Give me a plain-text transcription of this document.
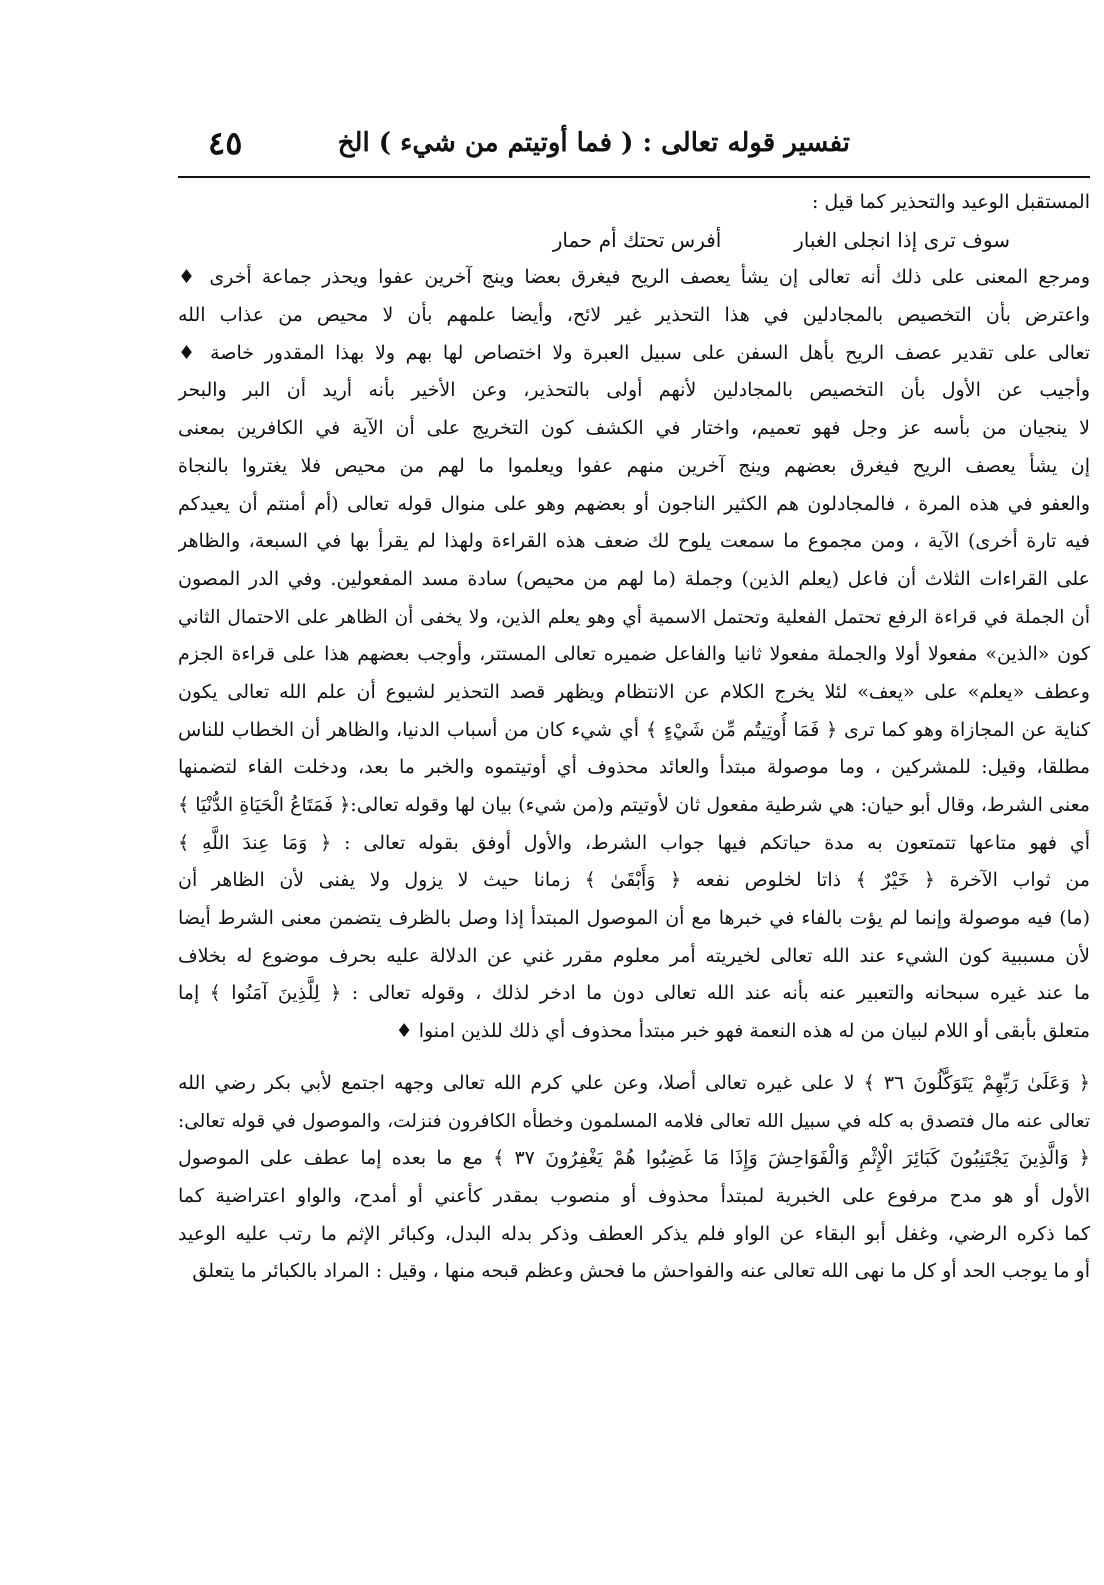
تفسير قوله تعالى : ( فما أوتيتم من شيء ) الخ
٤٥
المستقبل الوعيد والتحذير كما قيل :
سوف ترى إذا انجلى الغبار  أفرس تحتك أم حمار
ومرجع المعنى على ذلك أنه تعالى إن يشأ يعصف الريح فيغرق بعضا وينج آخرين عفوا ويحذر جماعة أخرى ♦
واعترض بأن التخصيص بالمجادلين في هذا التحذير غير لائح، وأيضا علمهم بأن لا محيص من عذاب الله
تعالى على تقدير عصف الريح بأهل السفن على سبيل العبرة ولا اختصاص لها بهم ولا بهذا المقدور خاصة ♦
وأجيب عن الأول بأن التخصيص بالمجادلين لأنهم أولى بالتحذير، وعن الأخير بأنه أريد أن البر والبحر
لا ينجيان من بأسه عز وجل فهو تعميم، واختار في الكشف كون التخريج على أن الآية في الكافرين بمعنى
إن يشأ يعصف الريح فيغرق بعضهم وينج آخرين منهم عفوا ويعلموا ما لهم من محيص فلا يغتروا بالنجاة
والعفو في هذه المرة ، فالمجادلون هم الكثير الناجون أو بعضهم وهو على منوال قوله تعالى (أم أمنتم أن يعيدكم
فيه تارة أخرى) الآية ، ومن مجموع ما سمعت يلوح لك ضعف هذه القراءة ولهذا لم يقرأ بها في السبعة، والظاهر
على القراءات الثلاث أن فاعل (يعلم الذين) وجملة (ما لهم من محيص) سادة مسد المفعولين. وفي الدر المصون
أن الجملة في قراءة الرفع تحتمل الفعلية وتحتمل الاسمية أي وهو يعلم الذين، ولا يخفى أن الظاهر على الاحتمال الثاني
كون «الذين» مفعولا أولا والجملة مفعولا ثانيا والفاعل ضميره تعالى المستتر، وأوجب بعضهم هذا على قراءة الجزم
وعطف «يعلم» على «يعف» لئلا يخرج الكلام عن الانتظام ويظهر قصد التحذير لشيوع أن علم الله تعالى يكون
كناية عن المجازاة وهو كما ترى ﴿ فَمَا أُوتِيتُم مِّن شَيْءٍ ﴾ أي شيء كان من أسباب الدنيا، والظاهر أن الخطاب للناس
مطلقا، وقيل: للمشركين ، وما موصولة مبتدأ والعائد محذوف أي أوتيتموه والخبر ما بعد، ودخلت الفاء لتضمنها
معنى الشرط، وقال أبو حيان: هي شرطية مفعول ثان لأوتيتم و(من شيء) بيان لها وقوله تعالى:﴿ فَمَتَاعُ الْحَيَاةِ الدُّنْيَا ﴾
أي فهو متاعها تتمتعون به مدة حياتكم فيها جواب الشرط، والأول أوفق بقوله تعالى : ﴿ وَمَا عِندَ اللَّهِ ﴾
من ثواب الآخرة ﴿ خَيْرٌ ﴾ ذاتا لخلوص نفعه ﴿ وَأَبْقَىٰ ﴾ زمانا حيث لا يزول ولا يفنى لأن الظاهر أن
(ما) فيه موصولة وإنما لم يؤت بالفاء في خبرها مع أن الموصول المبتدأ إذا وصل بالظرف يتضمن معنى الشرط أيضا
لأن مسببية كون الشيء عند الله تعالى لخيريته أمر معلوم مقرر غني عن الدلالة عليه بحرف موضوع له بخلاف
ما عند غيره سبحانه والتعبير عنه بأنه عند الله تعالى دون ما ادخر لذلك ، وقوله تعالى : ﴿ لِلَّذِينَ آمَنُوا ﴾ إما
متعلق بأبقى أو اللام لبيان من له هذه النعمة فهو خبر مبتدأ محذوف أي ذلك للذين امنوا ♦
﴿ وَعَلَىٰ رَبِّهِمْ يَتَوَكَّلُونَ ٣٦ ﴾ لا على غيره تعالى أصلا، وعن علي كرم الله تعالى وجهه اجتمع لأبي بكر رضي الله
تعالى عنه مال فتصدق به كله في سبيل الله تعالى فلامه المسلمون وخطأه الكافرون فنزلت، والموصول في قوله تعالى:
﴿ وَالَّذِينَ يَجْتَنِبُونَ كَبَائِرَ الْإِثْمِ وَالْفَوَاحِشَ وَإِذَا مَا غَضِبُوا هُمْ يَغْفِرُونَ ٣٧ ﴾ مع ما بعده إما عطف على الموصول
الأول أو هو مدح مرفوع على الخبرية لمبتدأ محذوف أو منصوب بمقدر كأعني أو أمدح، والواو اعتراضية كما
كما ذكره الرضي، وغفل أبو البقاء عن الواو فلم يذكر العطف وذكر بدله البدل، وكبائر الإثم ما رتب عليه الوعيد
أو ما يوجب الحد أو كل ما نهى الله تعالى عنه والفواحش ما فحش وعظم قبحه منها ، وقيل : المراد بالكبائر ما يتعلق
